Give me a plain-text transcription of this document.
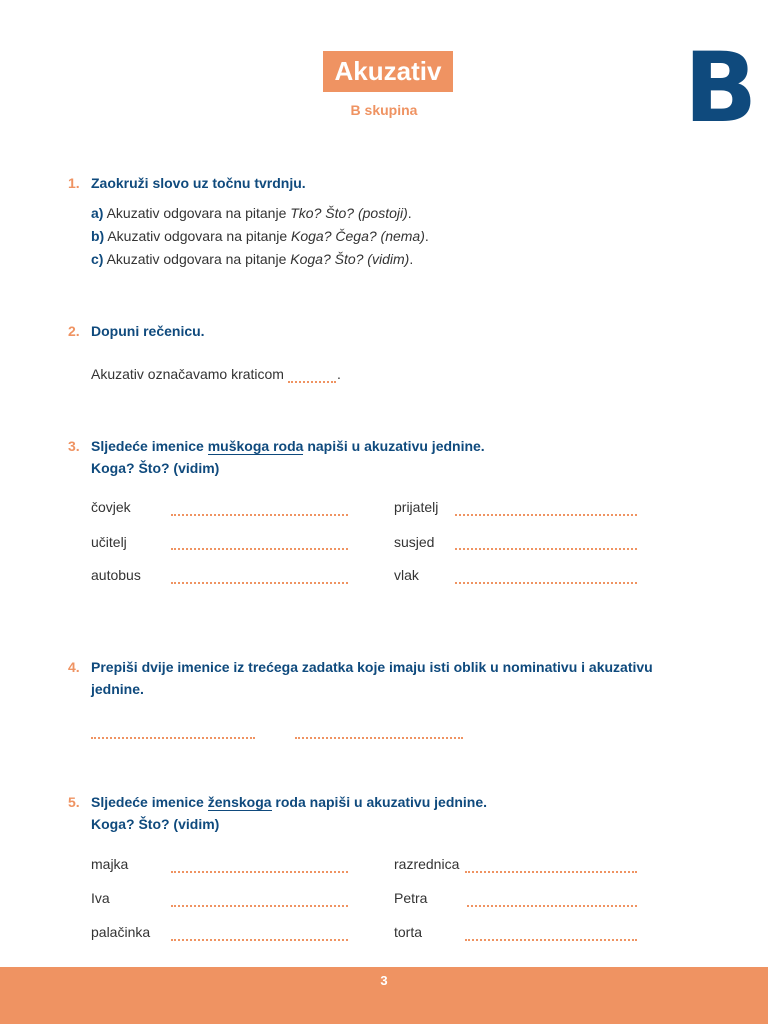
Akuzativ
B skupina	B
1. Zaokruži slovo uz točnu tvrdnju.
a) Akuzativ odgovara na pitanje Tko? Što? (postoji).
b) Akuzativ odgovara na pitanje Koga? Čega? (nema).
c) Akuzativ odgovara na pitanje Koga? Što? (vidim).
2. Dopuni rečenicu.
Akuzativ označavamo kraticom	.
3. Sljedeće imenice muškoga roda napiši u akuzativu jednine.
Koga? Što? (vidim)
čovjek
učitelj
autobus
prijatelj
susjed
vlak
4. Prepiši dvije imenice iz trećega zadatka koje imaju isti oblik u nominativu i akuzativu
jednine.
5. Sljedeće imenice ženskoga roda napiši u akuzativu jednine.
Koga? Što? (vidim)
majka
Iva
palačinka
razrednica
Petra
torta
3
